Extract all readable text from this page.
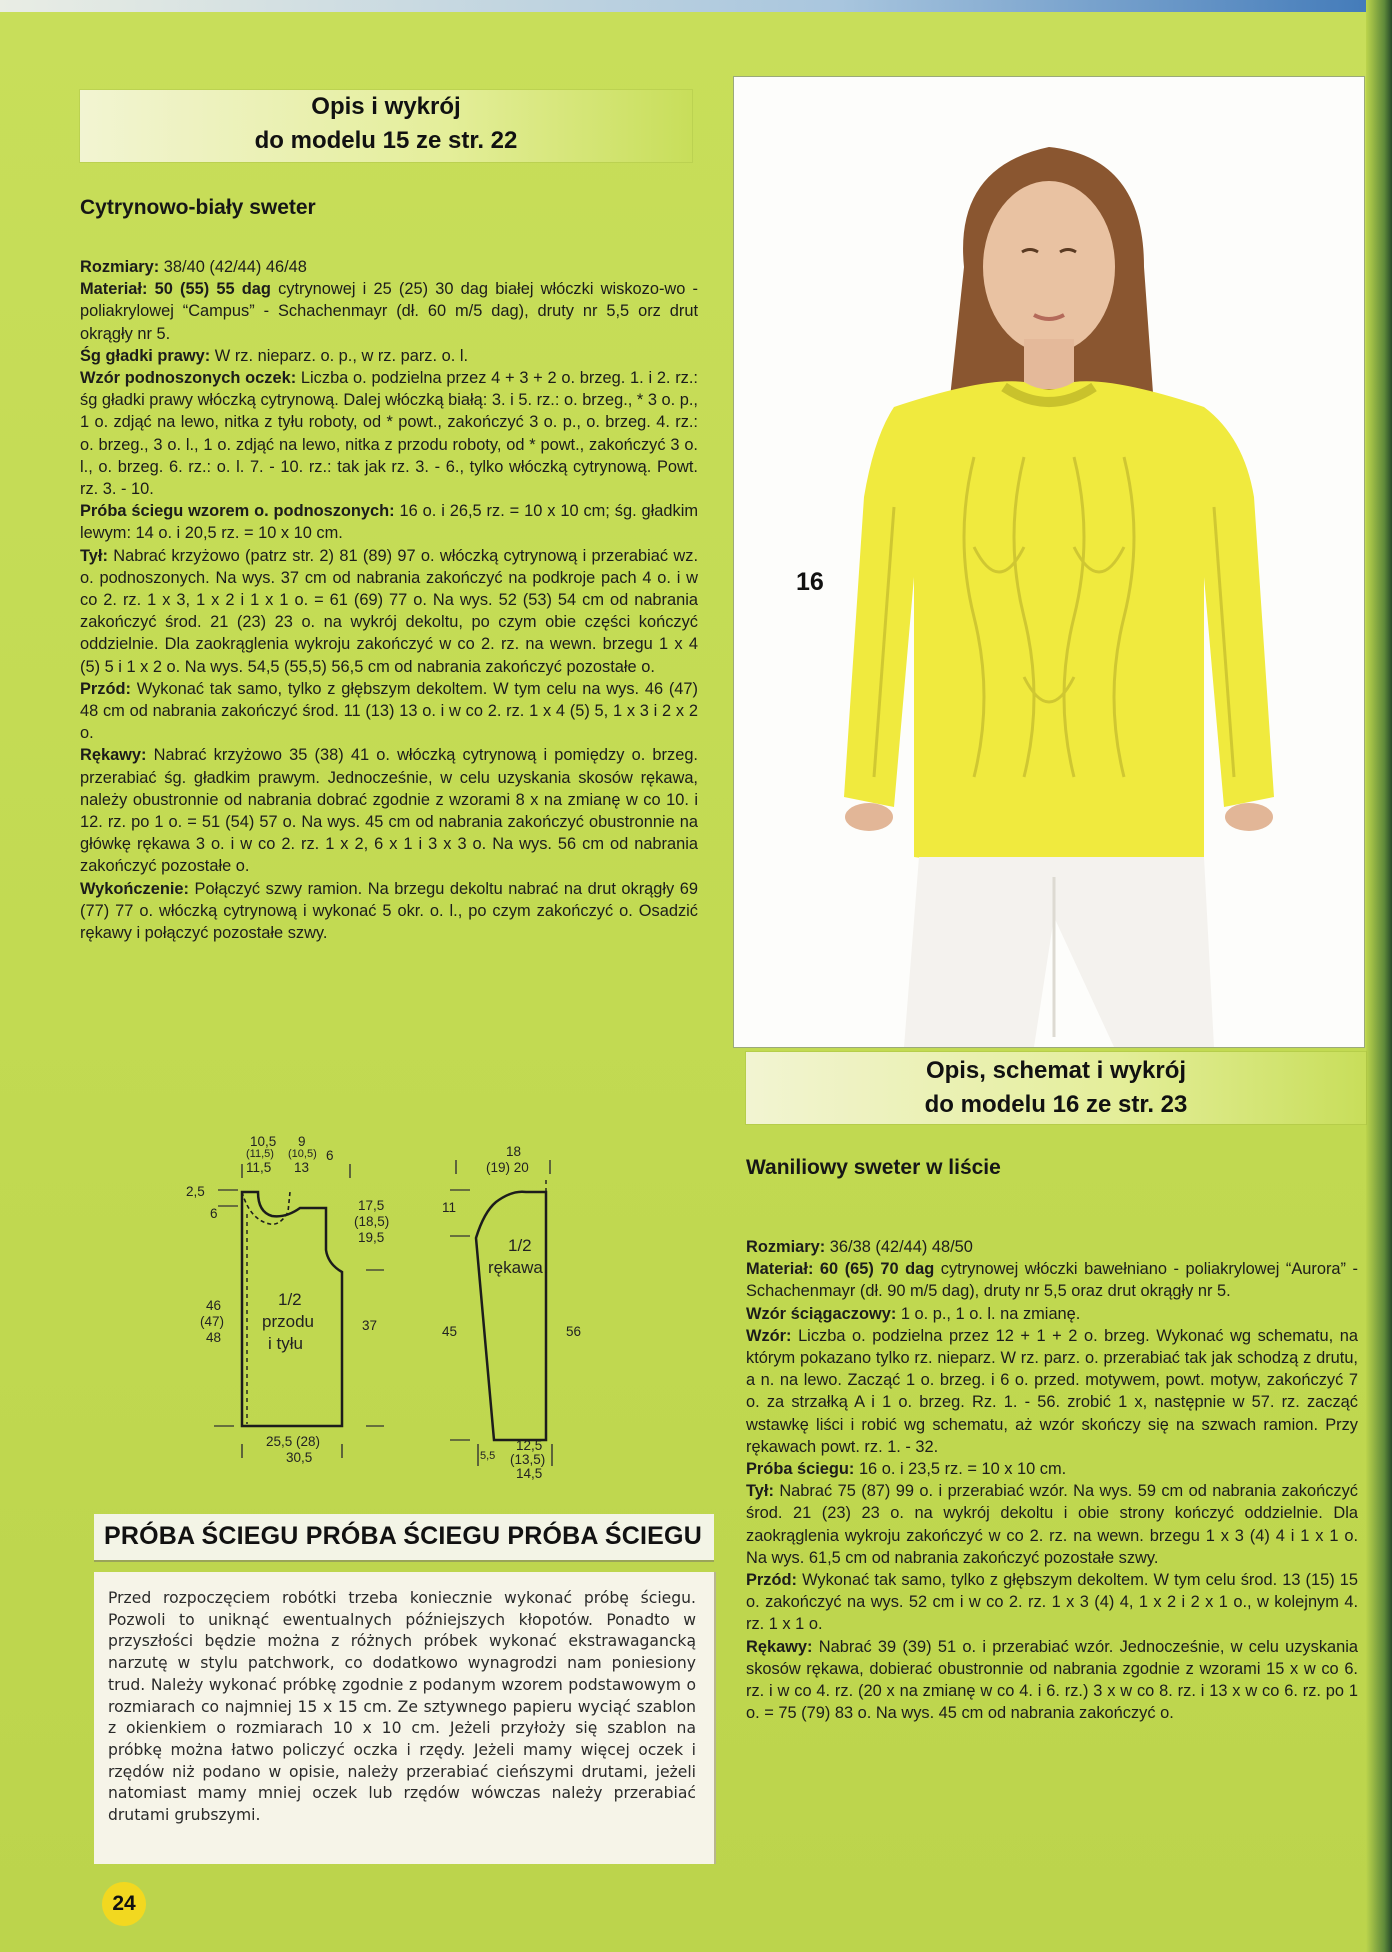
Opis i wykrój
do modelu 15 ze str. 22
Cytrynowo-biały sweter

Rozmiary: 38/40 (42/44) 46/48

Materiał: 50 (55) 55 dag cytrynowej i 25 (25) 30 dag białej włóczki wiskozo-wo - poliakrylowej “Campus” - Schachenmayr (dł. 60 m/5 dag), druty nr 5,5 orz drut okrągły nr 5.

Śg gładki prawy: W rz. nieparz. o. p., w rz. parz. o. l.

Wzór podnoszonych oczek: Liczba o. podzielna przez 4 + 3 + 2 o. brzeg. 1. i 2. rz.: śg gładki prawy włóczką cytrynową. Dalej włóczką białą: 3. i 5. rz.: o. brzeg., * 3 o. p., 1 o. zdjąć na lewo, nitka z tyłu roboty, od * powt., zakończyć 3 o. p., o. brzeg. 4. rz.: o. brzeg., 3 o. l., 1 o. zdjąć na lewo, nitka z przodu roboty, od * powt., zakończyć 3 o. l., o. brzeg. 6. rz.: o. l. 7. - 10. rz.: tak jak rz. 3. - 6., tylko włóczką cytrynową. Powt. rz. 3. - 10.

Próba ściegu wzorem o. podnoszonych: 16 o. i 26,5 rz. = 10 x 10 cm; śg. gładkim lewym: 14 o. i 20,5 rz. = 10 x 10 cm.

Tył: Nabrać krzyżowo (patrz str. 2) 81 (89) 97 o. włóczką cytrynową i przerabiać wz. o. podnoszonych. Na wys. 37 cm od nabrania zakończyć na podkroje pach 4 o. i w co 2. rz. 1 x 3, 1 x 2 i 1 x 1 o. = 61 (69) 77 o. Na wys. 52 (53) 54 cm od nabrania zakończyć środ. 21 (23) 23 o. na wykrój dekoltu, po czym obie części kończyć oddzielnie. Dla zaokrąglenia wykroju zakończyć w co 2. rz. na wewn. brzegu 1 x 4 (5) 5 i 1 x 2 o. Na wys. 54,5 (55,5) 56,5 cm od nabrania zakończyć pozostałe o.

Przód: Wykonać tak samo, tylko z głębszym dekoltem. W tym celu na wys. 46 (47) 48 cm od nabrania zakończyć środ. 11 (13) 13 o. i w co 2. rz. 1 x 4 (5) 5, 1 x 3 i 2 x 2 o.

Rękawy: Nabrać krzyżowo 35 (38) 41 o. włóczką cytrynową i pomiędzy o. brzeg. przerabiać śg. gładkim prawym. Jednocześnie, w celu uzyskania skosów rękawa, należy obustronnie od nabrania dobrać zgodnie z wzorami 8 x na zmianę w co 10. i 12. rz. po 1 o. = 51 (54) 57 o. Na wys. 45 cm od nabrania zakończyć obustronnie na główkę rękawa 3 o. i w co 2. rz. 1 x 2, 6 x 1 i 3 x 3 o. Na wys. 56 cm od nabrania zakończyć pozostałe o.

Wykończenie: Połączyć szwy ramion. Na brzegu dekoltu nabrać na drut okrągły 69 (77) 77 o. włóczką cytrynową i wykonać 5 okr. o. l., po czym zakończyć o. Osadzić rękawy i połączyć pozostałe szwy.

10,5 9
(11,5) (10,5) 6
11,5 13
2,5
6
17,5
(18,5)
19,5
46
(47)
48
1/2
przodu
i tyłu
37
25,5 (28)
30,5
18
(19) 20
11
45
1/2
rękawa
56
5,5
12,5
(13,5)
14,5
PRÓBA ŚCIEGU PRÓBA ŚCIEGU PRÓBA ŚCIEGU

Przed rozpoczęciem robótki trzeba koniecznie wykonać próbę ściegu. Pozwoli to uniknąć ewentualnych późniejszych kłopotów. Ponadto w przyszłości będzie można z różnych próbek wykonać ekstrawagancką narzutę w stylu patchwork, co dodatkowo wynagrodzi nam poniesiony trud. Należy wykonać próbkę zgodnie z podanym wzorem podstawowym o rozmiarach co najmniej 15 x 15 cm. Ze sztywnego papieru wyciąć szablon z okienkiem o rozmiarach 10 x 10 cm. Jeżeli przyłoży się szablon na próbkę można łatwo policzyć oczka i rzędy. Jeżeli mamy więcej oczek i rzędów niż podano w opisie, należy przerabiać cieńszymi drutami, jeżeli natomiast mamy mniej oczek lub rzędów wówczas należy przerabiać drutami grubszymi.

16
Opis, schemat i wykrój
do modelu 16 ze str. 23
Waniliowy sweter w liście

Rozmiary: 36/38 (42/44) 48/50

Materiał: 60 (65) 70 dag cytrynowej włóczki bawełniano - poliakrylowej “Aurora” - Schachenmayr (dł. 90 m/5 dag), druty nr 5,5 oraz drut okrągły nr 5.

Wzór ściągaczowy: 1 o. p., 1 o. l. na zmianę.

Wzór: Liczba o. podzielna przez 12 + 1 + 2 o. brzeg. Wykonać wg schematu, na którym pokazano tylko rz. nieparz. W rz. parz. o. przerabiać tak jak schodzą z drutu, a n. na lewo. Zacząć 1 o. brzeg. i 6 o. przed. motywem, powt. motyw, zakończyć 7 o. za strzałką A i 1 o. brzeg. Rz. 1. - 56. zrobić 1 x, następnie w 57. rz. zacząć wstawkę liści i robić wg schematu, aż wzór skończy się na szwach ramion. Przy rękawach powt. rz. 1. - 32.

Próba ściegu: 16 o. i 23,5 rz. = 10 x 10 cm.

Tył: Nabrać 75 (87) 99 o. i przerabiać wzór. Na wys. 59 cm od nabrania zakończyć środ. 21 (23) 23 o. na wykrój dekoltu i obie strony kończyć oddzielnie. Dla zaokrąglenia wykroju zakończyć w co 2. rz. na wewn. brzegu 1 x 3 (4) 4 i 1 x 1 o. Na wys. 61,5 cm od nabrania zakończyć pozostałe szwy.

Przód: Wykonać tak samo, tylko z głębszym dekoltem. W tym celu środ. 13 (15) 15 o. zakończyć na wys. 52 cm i w co 2. rz. 1 x 3 (4) 4, 1 x 2 i 2 x 1 o., w kolejnym 4. rz. 1 x 1 o.

Rękawy: Nabrać 39 (39) 51 o. i przerabiać wzór. Jednocześnie, w celu uzyskania skosów rękawa, dobierać obustronnie od nabrania zgodnie z wzorami 15 x w co 6. rz. i w co 4. rz. (20 x na zmianę w co 4. i 6. rz.) 3 x w co 8. rz. i 13 x w co 6. rz. po 1 o. = 75 (79) 83 o. Na wys. 45 cm od nabrania zakończyć o.

24
